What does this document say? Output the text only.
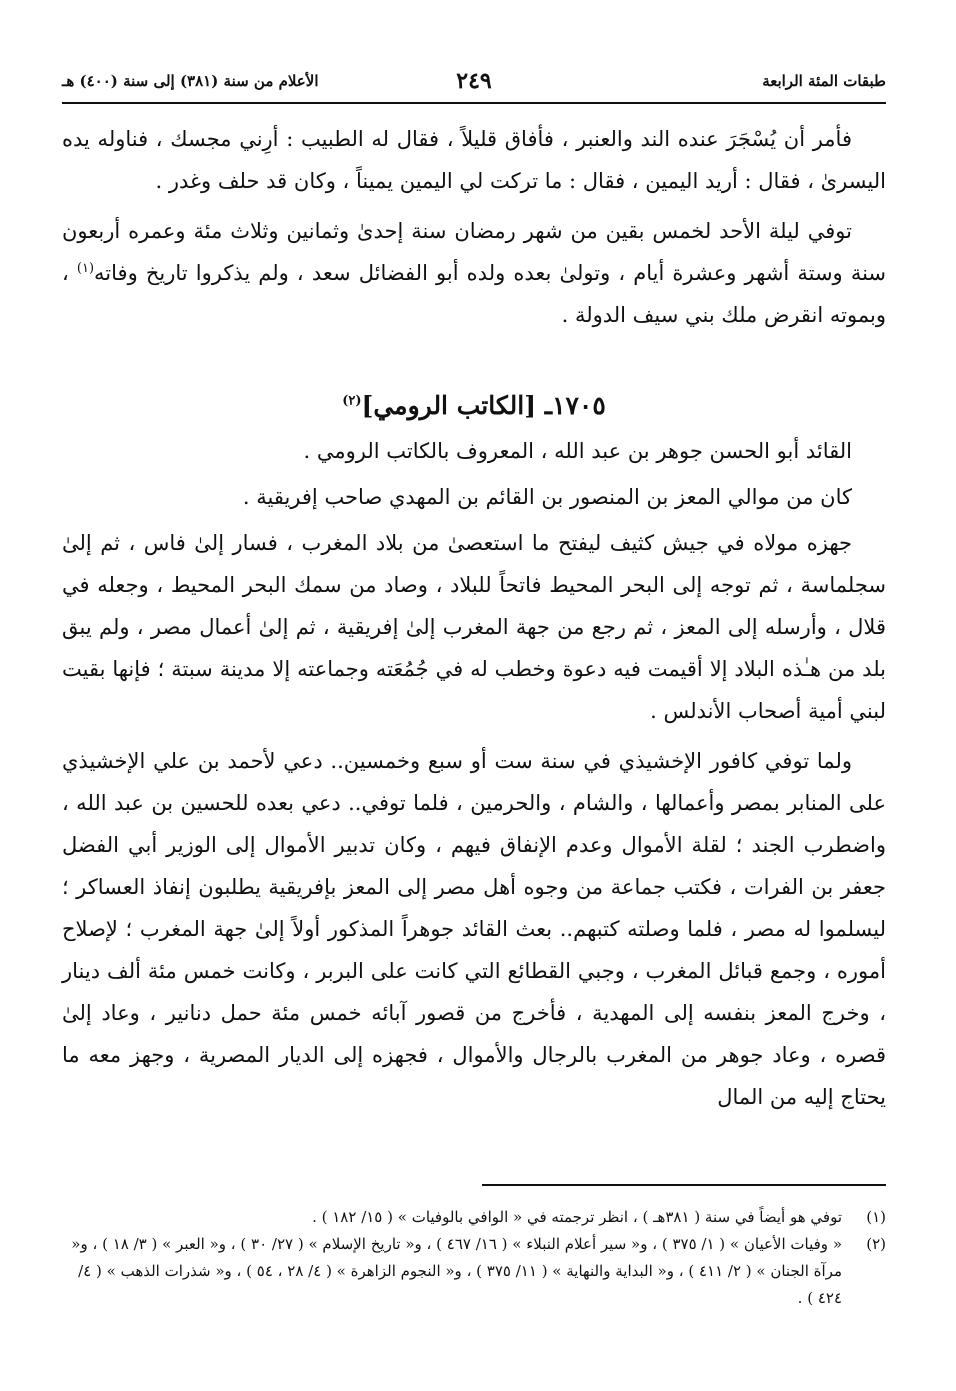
طبقات المئة الرابعة
٢٤٩
الأعلام من سنة (٣٨١) إلى سنة (٤٠٠) هـ

فأمر أن يُسْجَرَ عنده الند والعنبر ، فأفاق قليلاً ، فقال له الطبيب : أرِني مجسك ، فناوله يده اليسرىٰ ، فقال : أريد اليمين ، فقال : ما تركت لي اليمين يميناً ، وكان قد حلف وغدر .

توفي ليلة الأحد لخمس بقين من شهر رمضان سنة إحدىٰ وثمانين وثلاث مئة وعمره أربعون سنة وستة أشهر وعشرة أيام ، وتولىٰ بعده ولده أبو الفضائل سعد ، ولم يذكروا تاريخ وفاته$^{(١)}$ ، وبموته انقرض ملك بني سيف الدولة .

١٧٠٥ـ [الكاتب الرومي]$^{(٢)}$

القائد أبو الحسن جوهر بن عبد الله ، المعروف بالكاتب الرومي .

كان من موالي المعز بن المنصور بن القائم بن المهدي صاحب إفريقية .

جهزه مولاه في جيش كثيف ليفتح ما استعصىٰ من بلاد المغرب ، فسار إلىٰ فاس ، ثم إلىٰ سجلماسة ، ثم توجه إلى البحر المحيط فاتحاً للبلاد ، وصاد من سمك البحر المحيط ، وجعله في قلال ، وأرسله إلى المعز ، ثم رجع من جهة المغرب إلىٰ إفريقية ، ثم إلىٰ أعمال مصر ، ولم يبق بلد من هـٰذه البلاد إلا أقيمت فيه دعوة وخطب له في جُمُعَته وجماعته إلا مدينة سبتة ؛ فإنها بقيت لبني أمية أصحاب الأندلس .

ولما توفي كافور الإخشيذي في سنة ست أو سبع وخمسين.. دعي لأحمد بن علي الإخشيذي على المنابر بمصر وأعمالها ، والشام ، والحرمين ، فلما توفي.. دعي بعده للحسين بن عبد الله ، واضطرب الجند ؛ لقلة الأموال وعدم الإنفاق فيهم ، وكان تدبير الأموال إلى الوزير أبي الفضل جعفر بن الفرات ، فكتب جماعة من وجوه أهل مصر إلى المعز بإفريقية يطلبون إنفاذ العساكر ؛ ليسلموا له مصر ، فلما وصلته كتبهم.. بعث القائد جوهراً المذكور أولاً إلىٰ جهة المغرب ؛ لإصلاح أموره ، وجمع قبائل المغرب ، وجبي القطائع التي كانت على البربر ، وكانت خمس مئة ألف دينار ، وخرج المعز بنفسه إلى المهدية ، فأخرج من قصور آبائه خمس مئة حمل دنانير ، وعاد إلىٰ قصره ، وعاد جوهر من المغرب بالرجال والأموال ، فجهزه إلى الديار المصرية ، وجهز معه ما يحتاج إليه من المال

(١)
توفي هو أيضاً في سنة ( ٣٨١هـ ) ، انظر ترجمته في « الوافي بالوفيات » ( ١٥/ ١٨٢ ) .
(٢)
« وفيات الأعيان » ( ١/ ٣٧٥ ) ، و« سير أعلام النبلاء » ( ١٦/ ٤٦٧ ) ، و« تاريخ الإسلام » ( ٢٧/ ٣٠ ) ، و« العبر » ( ٣/ ١٨ ) ، و« مرآة الجنان » ( ٢/ ٤١١ ) ، و« البداية والنهاية » ( ١١/ ٣٧٥ ) ، و« النجوم الزاهرة » ( ٤/ ٢٨ ، ٥٤ ) ، و« شذرات الذهب » ( ٤/ ٤٢٤ ) .
